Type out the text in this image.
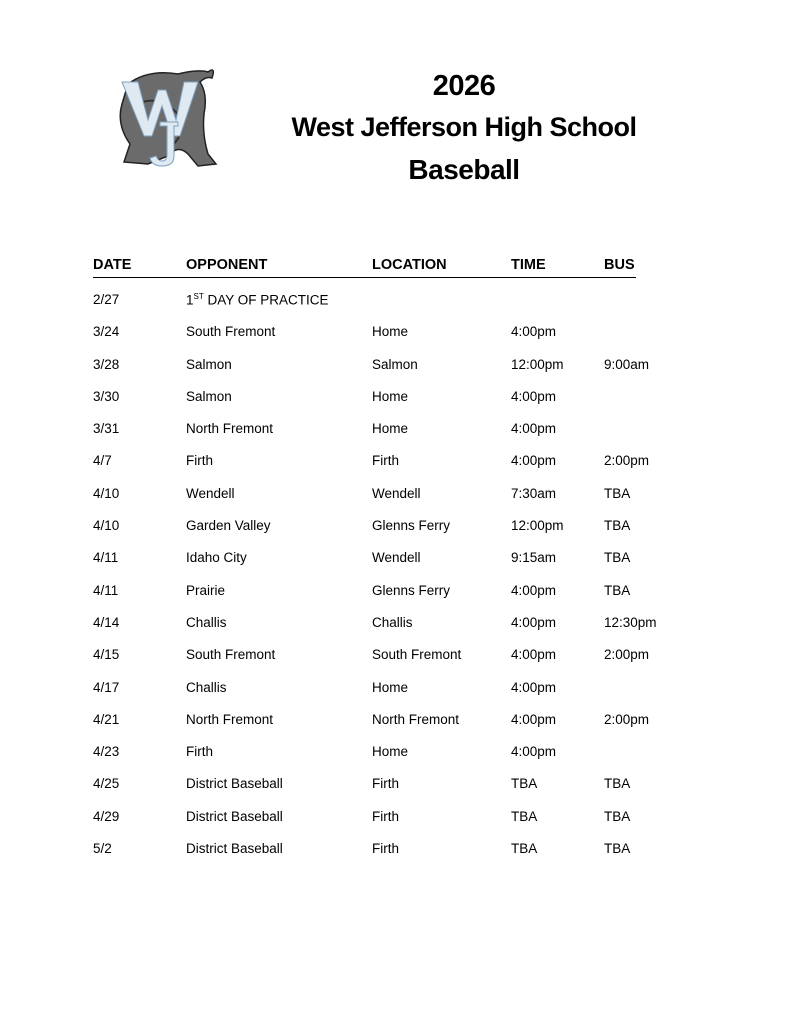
2026
West Jefferson High School
Baseball
DATE	OPPONENT	LOCATION	TIME	BUS
2/27	1ST DAY OF PRACTICE
3/24	South Fremont	Home	4:00pm
3/28	Salmon	Salmon	12:00pm	9:00am
3/30	Salmon	Home	4:00pm
3/31	North Fremont	Home	4:00pm
4/7	Firth	Firth	4:00pm	2:00pm
4/10	Wendell	Wendell	7:30am	TBA
4/10	Garden Valley	Glenns Ferry	12:00pm	TBA
4/11	Idaho City	Wendell	9:15am	TBA
4/11	Prairie	Glenns Ferry	4:00pm	TBA
4/14	Challis	Challis	4:00pm	12:30pm
4/15	South Fremont	South Fremont	4:00pm	2:00pm
4/17	Challis	Home	4:00pm
4/21	North Fremont	North Fremont	4:00pm	2:00pm
4/23	Firth	Home	4:00pm
4/25	District Baseball	Firth	TBA	TBA
4/29	District Baseball	Firth	TBA	TBA
5/2	District Baseball	Firth	TBA	TBA
